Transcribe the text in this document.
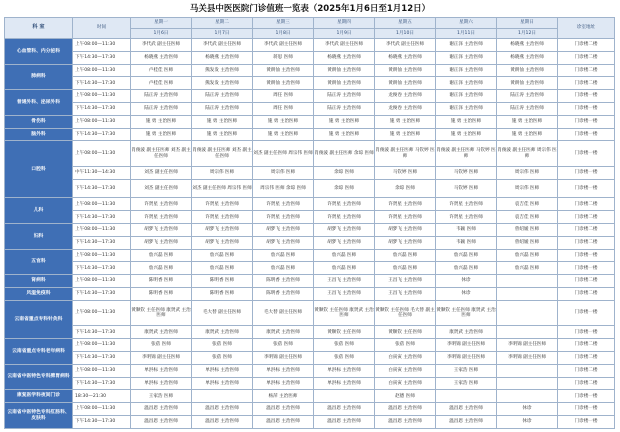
马关县中医医院门诊值班一览表（2025年1月6日至1月12日）
科 室	时间	星期一	星期二	星期三	星期四	星期五	星期六	星期日	诊室地址
		1月6日	1月7日	1月8日	1月9日	1月10日	1月11日	1月12日	
心血管科、内分泌科	上午08:00—11:30	李代武 副主任医师	李代武 副主任医师	李代武 副主任医师	李代武 副主任医师	李代武 副主任医师	谢正泽 主治医师	杨晓燕 主治医师	门诊楼二楼
	下午14:30—17:30	杨晓燕 主治医师	杨晓燕 主治医师	蒋思 医师	杨晓燕 主治医师	杨晓燕 主治医师	谢正泽 主治医师	杨晓燕 主治医师	门诊楼二楼
肺病科	上午08:00—11:30	卢桂佳 医师	熊发发 主治医师	黄朗仙 主治医师	黄朗仙 主治医师	黄朗仙 主治医师	谢正泽 主治医师	黄朗仙 主治医师	门诊楼二楼
	下午14:30—17:30	卢桂佳 医师	熊发发 主治医师	黄朗仙 主治医师	黄朗仙 主治医师	黄朗仙 主治医师	谢正泽 主治医师	黄朗仙 主治医师	门诊楼二楼
普通外科、泌尿外科	上午08:00—11:30	陆正涛 主治医师	陆正涛 主治医师	周任 医师	陆正涛 主治医师	龙俊卷 主治医师	谢正泽 主治医师	陆正涛 主治医师	门诊楼一楼
	下午14:30—17:30	陆正涛 主治医师	陆正涛 主治医师	周任 医师	陆正涛 主治医师	龙俊卷 主治医师	谢正泽 主治医师	陆正涛 主治医师	门诊楼一楼
骨伤科	上午08:00—11:30	施 勇 主治医师	施 勇 主治医师	施 勇 主治医师	施 勇 主治医师	施 勇 主治医师	施 勇 主治医师	施 勇 主治医师	门诊楼一楼
脑外科	下午14:30—17:30	施 勇 主治医师	施 勇 主治医师	施 勇 主治医师	施 勇 主治医师	施 勇 主治医师	施 勇 主治医师	施 勇 主治医师	门诊楼一楼
口腔科	上午08:00—11:30	肖俊波 副主任医师 刘杰 副主任医师	肖俊波 副主任医师 刘杰 副主任医师	刘杰 副主任医师 周宗伟 医师	肖俊波 副主任医师 余琼 医师	肖俊波 副主任医师 马钦婷 医师	肖俊波 副主任医师 马钦婷 医师	肖俊波 副主任医师 周宗伟 医师	门诊楼一楼
	中午11:30—14:30	刘杰 副主任医师	周宗伟 医师	周宗伟 医师	余琼 医师	马钦婷 医师	马钦婷 医师	周宗伟 医师	门诊楼一楼
	下午14:30—17:30	刘杰 副主任医师	刘杰 副主任医师 周宗伟 医师	周宗伟 医师 余琼 医师	余琼 医师	余琼 医师	马钦婷 医师	周宗伟 医师	门诊楼一楼
儿科	上午08:00—11:30	许贤星 主治医师	许贤星 主治医师	许贤星 主治医师	许贤星 主治医师	许贤星 主治医师	许贤星 主治医师	袁吉佳 医师	门诊楼二楼
	下午14:30—17:30	许贤星 主治医师	许贤星 主治医师	许贤星 主治医师	许贤星 主治医师	许贤星 主治医师	许贤星 主治医师	袁吉佳 医师	门诊楼二楼
妇科	上午08:00—11:30	胡梦飞 主治医师	胡梦飞 主治医师	胡梦飞 主治医师	胡梦飞 主治医师	胡梦飞 主治医师	韦颖 医师	曾绍媛 医师	门诊楼二楼
	下午14:30—17:30	胡梦飞 主治医师	胡梦飞 主治医师	胡梦飞 主治医师	胡梦飞 主治医师	胡梦飞 主治医师	韦颖 医师	曾绍媛 医师	门诊楼二楼
五官科	上午08:00—11:30	詹兴磊 医师	詹兴磊 医师	詹兴磊 医师	詹兴磊 医师	詹兴磊 医师	詹兴磊 医师	詹兴磊 医师	门诊楼一楼
	下午14:30—17:30	詹兴磊 医师	詹兴磊 医师	詹兴磊 医师	詹兴磊 医师	詹兴磊 医师	詹兴磊 医师	詹兴磊 医师	门诊楼一楼
肾病科	上午08:00—11:30	陈明香 医师	陈明香 医师	陈明香 主治医师	王昌飞 主治医师	王昌飞 主治医师	休诊		门诊楼二楼
风湿免疫科	下午14:30—17:30	陈明香 医师	陈明香 医师	陈明香 主治医师	王昌飞 主治医师	王昌飞 主治医师	休诊		门诊楼二楼
云南省重点专科针灸科	上午08:00—11:30	黄顺钦 主任医师 康贤武 主治医师	毛大替 副主任医师	毛大替 副主任医师	黄顺钦 主任医师 康贤武 主治医师	黄顺钦 主任医师 毛大替 副主任医师	黄顺钦 主任医师 康贤武 主治医师		门诊楼一楼
	下午14:30—17:30	康贤武 主治医师	康贤武 主治医师	康贤武 主治医师	黄顺钦 主任医师	黄顺钦 主任医师	康贤武 主治医师		门诊楼一楼
云南省重点专科老年病科	上午08:00—11:30	张蓓 医师	张蓓 医师	张蓓 医师	张蓓 医师	张蓓 医师	李明锦 副主任医师	李明锦 副主任医师	门诊楼二楼
	下午14:30—17:30	李明锦 副主任医师	张蓓 医师	李明锦 副主任医师	张蓓 医师	白寅寅 主治医师	李明锦 副主任医师	李明锦 副主任医师	门诊楼二楼
云南省中医特色专科脾胃病科	上午08:00—11:30	单洪标 主治医师	单洪标 主治医师	单洪标 主治医师	单洪标 主治医师	白寅寅 主治医师	王家浩 医师		门诊楼二楼
	下午14:30—17:30	单洪标 主治医师	单洪标 主治医师	单洪标 主治医师	单洪标 主治医师	白寅寅 主治医师	王家浩 医师		门诊楼二楼
康复医学科夜间门诊	18:30—21:30	王家浩 医师		杨萍 主治医师		赵德 医师			门诊楼一楼
云南省中医特色专科肛肠科、皮肤科	上午08:00—11:30	温昌恩 主治医师	温昌恩 主治医师	温昌恩 主治医师	温昌恩 主治医师	温昌恩 主治医师	温昌恩 主治医师	休诊	门诊楼一楼
	下午14:30—17:30	温昌恩 主治医师	温昌恩 主治医师	温昌恩 主治医师	温昌恩 主治医师	温昌恩 主治医师	温昌恩 主治医师	休诊	门诊楼一楼
